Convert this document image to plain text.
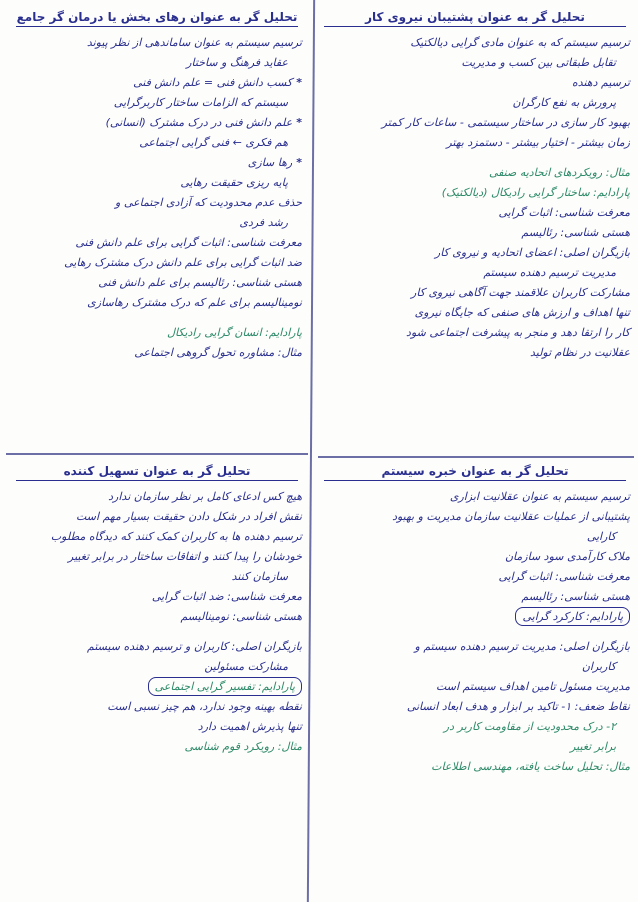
تحلیل گر به عنوان رهای بخش یا درمان گر جامع
ترسیم سیستم به عنوان ساماندهی از نظر پیوند
عقاید فرهنگ و ساختار
* کسب دانش فنی = علم دانش فنی
سیستم که الزامات ساختار کاربرگرایی
* علم دانش فنی در درک مشترک (انسانی)
هم فکری ← فنی گرایی اجتماعی
* رها سازی
پایه ریزی حقیقت رهایی
حذف عدم محدودیت که آزادی اجتماعی و
رشد فردی
معرفت شناسی: اثبات گرایی برای علم دانش فنی
ضد اثبات گرایی برای علم دانش درک مشترک رهایی
هستی شناسی: رئالیسم برای علم دانش فنی
نومینالیسم برای علم که درک مشترک رهاسازی
پارادایم: انسان گرایی رادیکال
مثال: مشاوره تحول گروهی اجتماعی
تحلیل گر به عنوان پشتیبان نیروی کار
ترسیم سیستم که به عنوان مادی گرایی دیالکتیک
تقابل طبقاتی بین کسب و مدیریت
ترسیم دهنده
پرورش به نفع کارگران
بهبود کار سازی در ساختار سیستمی - ساعات کار کمتر
زمان بیشتر - اختیار بیشتر - دستمزد بهتر
مثال: رویکردهای اتحادیه صنفی
پارادایم: ساختار گرایی رادیکال (دیالکتیک)
معرفت شناسی: اثبات گرایی
هستی شناسی: رئالیسم
بازیگران اصلی: اعضای اتحادیه و نیروی کار
مدیریت ترسیم دهنده سیستم
مشارکت کاربران علاقمند جهت آگاهی نیروی کار
تنها اهداف و ارزش های صنفی که جایگاه نیروی
کار را ارتقا دهد و منجر به پیشرفت اجتماعی شود
عقلانیت در نظام تولید
تحلیل گر به عنوان تسهیل کننده
هیچ کس ادعای کامل بر نظر سازمان ندارد
نقش افراد در شکل دادن حقیقت بسیار مهم است
ترسیم دهنده ها به کاربران کمک کنند که دیدگاه مطلوب
خودشان را پیدا کنند و اتفاقات ساختار در برابر تغییر
سازمان کنند
معرفت شناسی: ضد اثبات گرایی
هستی شناسی: نومینالیسم
بازیگران اصلی: کاربران و ترسیم دهنده سیستم
مشارکت مسئولین
پارادایم: تفسیر گرایی اجتماعی
نقطه بهینه وجود ندارد، هم چیز نسبی است
تنها پذیرش اهمیت دارد
مثال: رویکرد قوم شناسی
تحلیل گر به عنوان خبره سیستم
ترسیم سیستم به عنوان عقلانیت ابزاری
پشتیبانی از عملیات عقلانیت سازمان مدیریت و بهبود
کارایی
ملاک کارآمدی سود سازمان
معرفت شناسی: اثبات گرایی
هستی شناسی: رئالیسم
پارادایم: کارکرد گرایی
بازیگران اصلی: مدیریت ترسیم دهنده سیستم و
کاربران
مدیریت مسئول تامین اهداف سیستم است
نقاط ضعف: ۱- تاکید بر ابزار و هدف ابعاد انسانی
۲- درک محدودیت از مقاومت کاربر در
برابر تغییر
مثال: تحلیل ساخت یافته، مهندسی اطلاعات
